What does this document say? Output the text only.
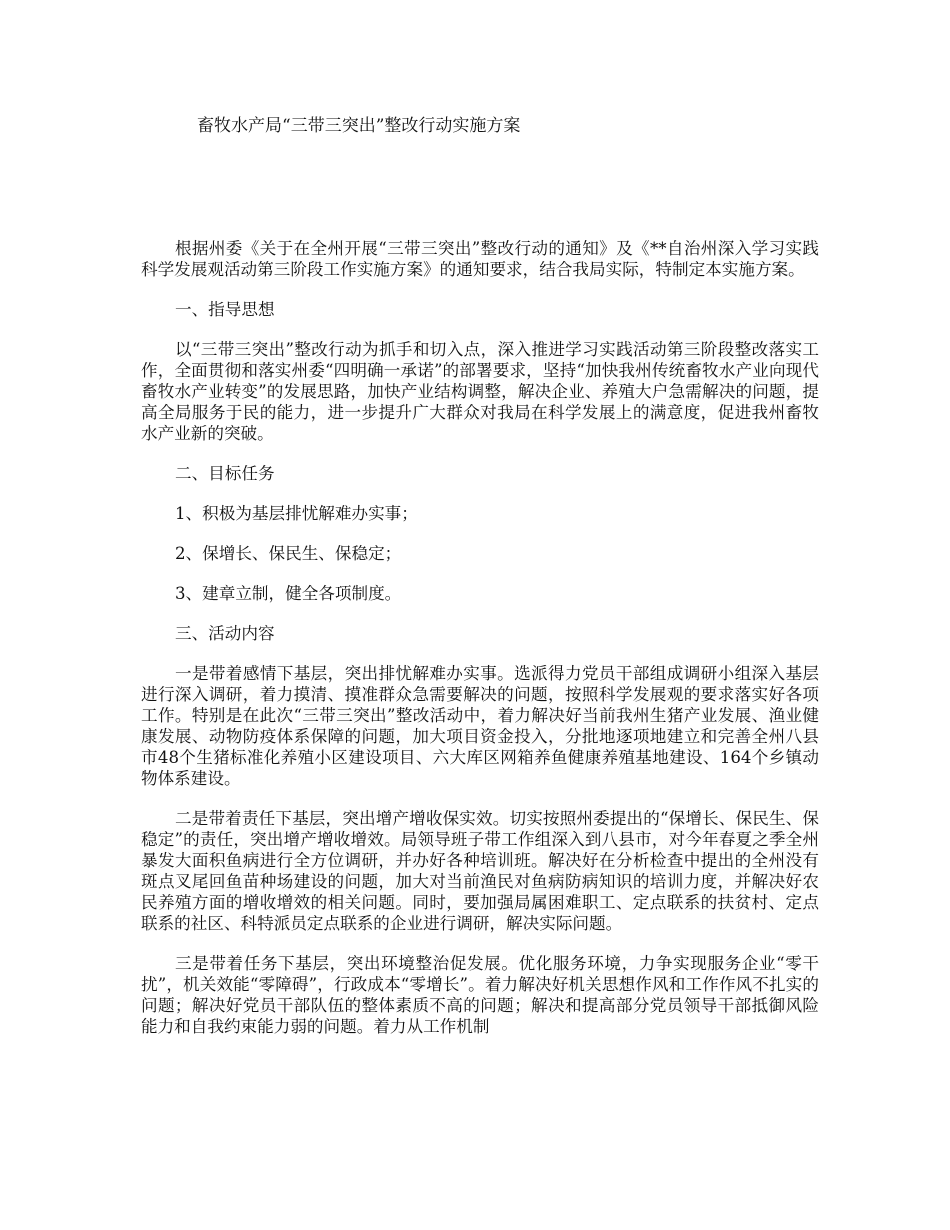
畜牧水产局“三带三突出”整改行动实施方案

根据州委《关于在全州开展“三带三突出”整改行动的通知》及《**自治州深入学习实践科学发展观活动第三阶段工作实施方案》的通知要求，结合我局实际，特制定本实施方案。

一、指导思想

以“三带三突出”整改行动为抓手和切入点，深入推进学习实践活动第三阶段整改落实工作，全面贯彻和落实州委“四明确一承诺”的部署要求，坚持“加快我州传统畜牧水产业向现代畜牧水产业转变”的发展思路，加快产业结构调整，解决企业、养殖大户急需解决的问题，提高全局服务于民的能力，进一步提升广大群众对我局在科学发展上的满意度，促进我州畜牧水产业新的突破。

二、目标任务

1、积极为基层排忧解难办实事；

2、保增长、保民生、保稳定；

3、建章立制，健全各项制度。

三、活动内容

一是带着感情下基层，突出排忧解难办实事。选派得力党员干部组成调研小组深入基层进行深入调研，着力摸清、摸准群众急需要解决的问题，按照科学发展观的要求落实好各项工作。特别是在此次“三带三突出”整改活动中，着力解决好当前我州生猪产业发展、渔业健康发展、动物防疫体系保障的问题，加大项目资金投入，分批地逐项地建立和完善全州八县市48个生猪标准化养殖小区建设项目、六大库区网箱养鱼健康养殖基地建设、164个乡镇动物体系建设。

二是带着责任下基层，突出增产增收保实效。切实按照州委提出的“保增长、保民生、保稳定”的责任，突出增产增收增效。局领导班子带工作组深入到八县市，对今年春夏之季全州暴发大面积鱼病进行全方位调研，并办好各种培训班。解决好在分析检查中提出的全州没有斑点叉尾回鱼苗种场建设的问题，加大对当前渔民对鱼病防病知识的培训力度，并解决好农民养殖方面的增收增效的相关问题。同时，要加强局属困难职工、定点联系的扶贫村、定点联系的社区、科特派员定点联系的企业进行调研，解决实际问题。

三是带着任务下基层，突出环境整治促发展。优化服务环境，力争实现服务企业“零干扰”，机关效能“零障碍”，行政成本“零增长”。着力解决好机关思想作风和工作作风不扎实的问题；解决好党员干部队伍的整体素质不高的问题；解决和提高部分党员领导干部抵御风险能力和自我约束能力弱的问题。着力从工作机制
